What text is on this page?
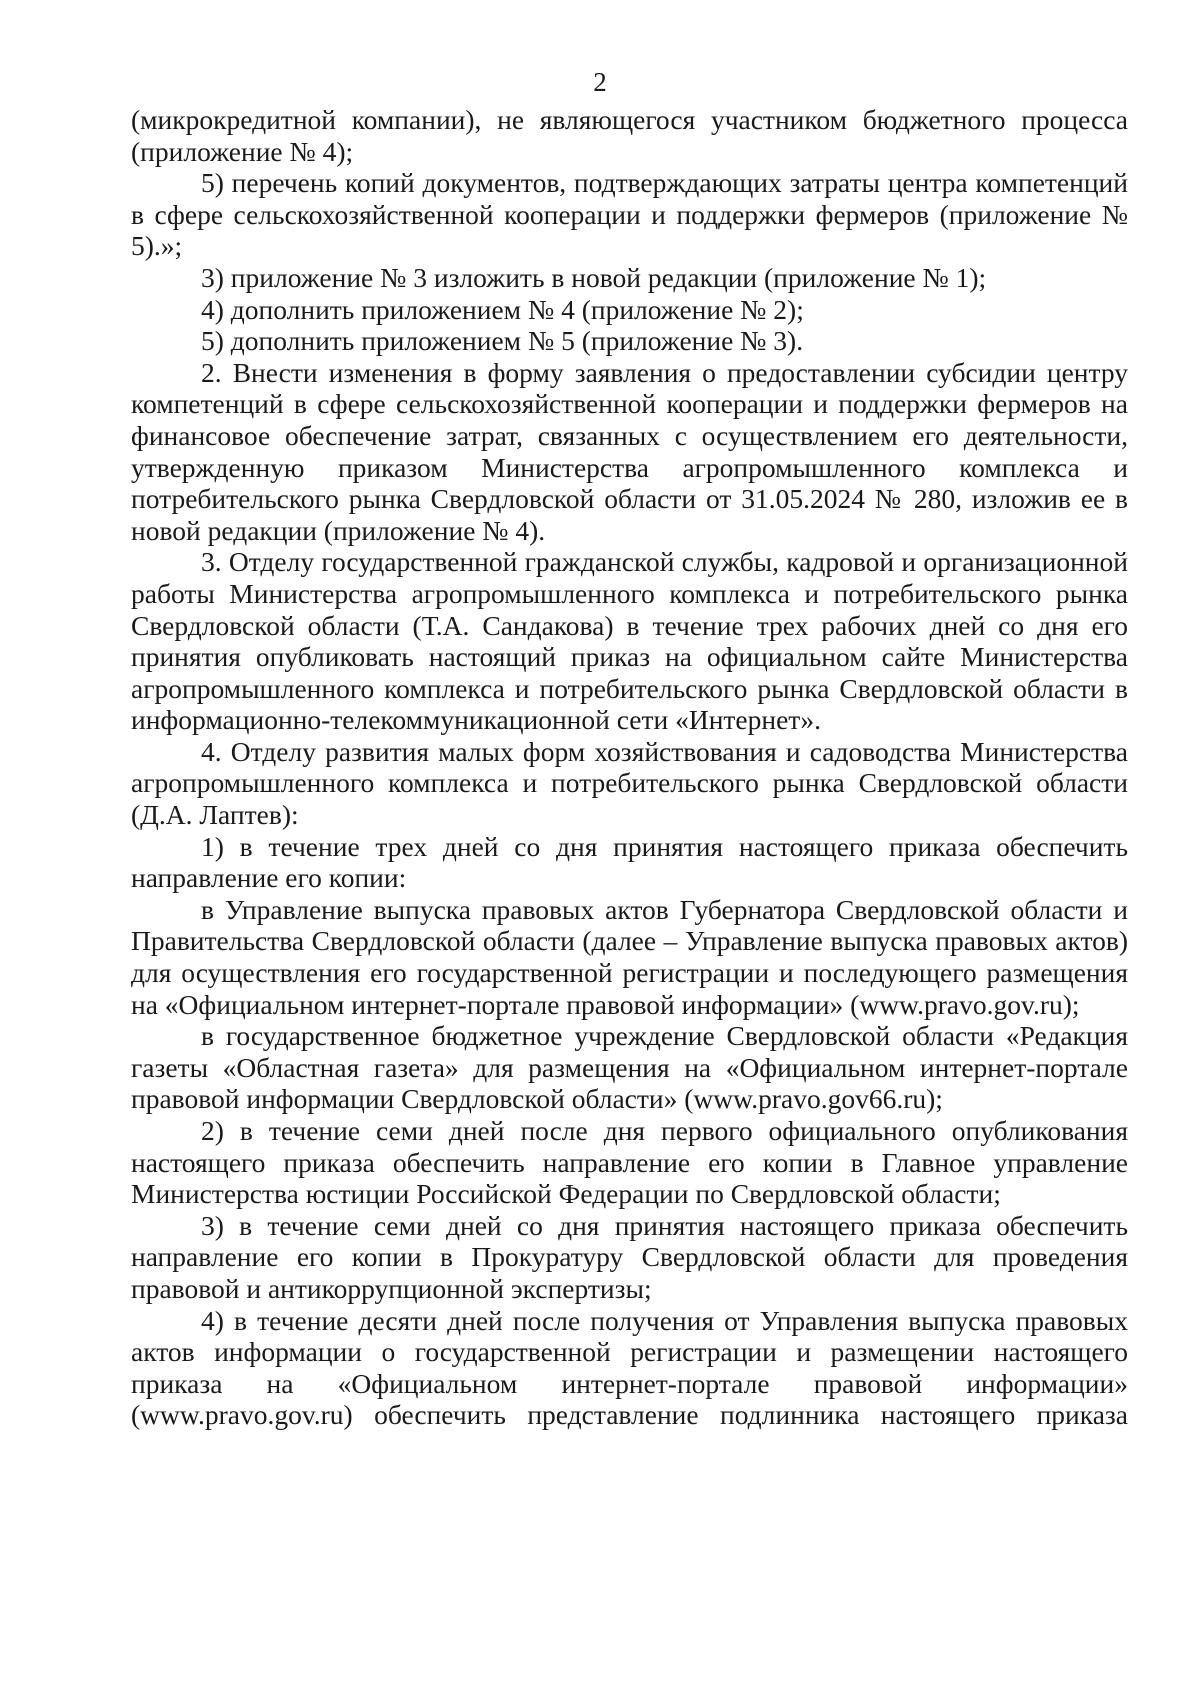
2

(микрокредитной компании), не являющегося участником бюджетного процесса (приложение № 4);

5) перечень копий документов, подтверждающих затраты центра компетенций в сфере сельскохозяйственной кооперации и поддержки фермеров (приложение № 5).»;

3) приложение № 3 изложить в новой редакции (приложение № 1);

4) дополнить приложением № 4 (приложение № 2);

5) дополнить приложением № 5 (приложение № 3).

2. Внести изменения в форму заявления о предоставлении субсидии центру компетенций в сфере сельскохозяйственной кооперации и поддержки фермеров на финансовое обеспечение затрат, связанных с осуществлением его деятельности, утвержденную приказом Министерства агропромышленного комплекса и потребительского рынка Свердловской области от 31.05.2024 № 280, изложив ее в новой редакции (приложение № 4).

3. Отделу государственной гражданской службы, кадровой и организационной работы Министерства агропромышленного комплекса и потребительского рынка Свердловской области (Т.А. Сандакова) в течение трех рабочих дней со дня его принятия опубликовать настоящий приказ на официальном сайте Министерства агропромышленного комплекса и потребительского рынка Свердловской области в информационно-телекоммуникационной сети «Интернет».

4. Отделу развития малых форм хозяйствования и садоводства Министерства агропромышленного комплекса и потребительского рынка Свердловской области (Д.А. Лаптев):

1) в течение трех дней со дня принятия настоящего приказа обеспечить направление его копии:

в Управление выпуска правовых актов Губернатора Свердловской области и Правительства Свердловской области (далее – Управление выпуска правовых актов) для осуществления его государственной регистрации и последующего размещения на «Официальном интернет-портале правовой информации» (www.pravo.gov.ru);

в государственное бюджетное учреждение Свердловской области «Редакция газеты «Областная газета» для размещения на «Официальном интернет-портале правовой информации Свердловской области» (www.pravo.gov66.ru);

2) в течение семи дней после дня первого официального опубликования настоящего приказа обеспечить направление его копии в Главное управление Министерства юстиции Российской Федерации по Свердловской области;

3) в течение семи дней со дня принятия настоящего приказа обеспечить направление его копии в Прокуратуру Свердловской области для проведения правовой и антикоррупционной экспертизы;

4) в течение десяти дней после получения от Управления выпуска правовых актов информации о государственной регистрации и размещении настоящего приказа на «Официальном интернет-портале правовой информации» (www.pravo.gov.ru) обеспечить представление подлинника настоящего приказа
